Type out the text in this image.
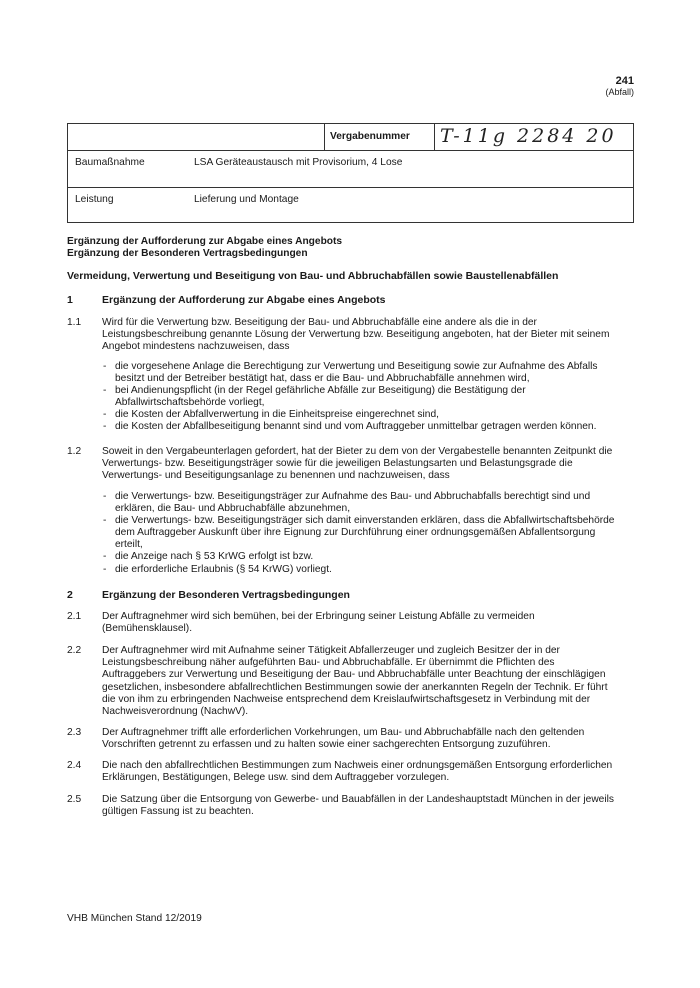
241
(Abfall)
Vergabenummer T-11g 2284 20
Baumaßnahme	LSA Geräteaustausch mit Provisorium, 4 Lose
Leistung	Lieferung und Montage
Ergänzung der Aufforderung zur Abgabe eines Angebots
Ergänzung der Besonderen Vertragsbedingungen
Vermeidung, Verwertung und Beseitigung von Bau- und Abbruchabfällen sowie Baustellenabfällen
1	Ergänzung der Aufforderung zur Abgabe eines Angebots
1.1 Wird für die Verwertung bzw. Beseitigung der Bau- und Abbruchabfälle eine andere als die in der
Leistungsbeschreibung genannte Lösung der Verwertung bzw. Beseitigung angeboten, hat der Bieter mit seinem
Angebot mindestens nachzuweisen, dass
- die vorgesehene Anlage die Berechtigung zur Verwertung und Beseitigung sowie zur Aufnahme des Abfalls
besitzt und der Betreiber bestätigt hat, dass er die Bau- und Abbruchabfälle annehmen wird,
- bei Andienungspflicht (in der Regel gefährliche Abfälle zur Beseitigung) die Bestätigung der
Abfallwirtschaftsbehörde vorliegt,
- die Kosten der Abfallverwertung in die Einheitspreise eingerechnet sind,
- die Kosten der Abfallbeseitigung benannt sind und vom Auftraggeber unmittelbar getragen werden können.
1.2 Soweit in den Vergabeunterlagen gefordert, hat der Bieter zu dem von der Vergabestelle benannten Zeitpunkt die
Verwertungs- bzw. Beseitigungsträger sowie für die jeweiligen Belastungsarten und Belastungsgrade die
Verwertungs- und Beseitigungsanlage zu benennen und nachzuweisen, dass
- die Verwertungs- bzw. Beseitigungsträger zur Aufnahme des Bau- und Abbruchabfalls berechtigt sind und
erklären, die Bau- und Abbruchabfälle abzunehmen,
- die Verwertungs- bzw. Beseitigungsträger sich damit einverstanden erklären, dass die Abfallwirtschaftsbehörde
dem Auftraggeber Auskunft über ihre Eignung zur Durchführung einer ordnungsgemäßen Abfallentsorgung
erteilt,
- die Anzeige nach § 53 KrWG erfolgt ist bzw.
- die erforderliche Erlaubnis (§ 54 KrWG) vorliegt.
2	Ergänzung der Besonderen Vertragsbedingungen
2.1 Der Auftragnehmer wird sich bemühen, bei der Erbringung seiner Leistung Abfälle zu vermeiden
(Bemühensklausel).
2.2 Der Auftragnehmer wird mit Aufnahme seiner Tätigkeit Abfallerzeuger und zugleich Besitzer der in der
Leistungsbeschreibung näher aufgeführten Bau- und Abbruchabfälle. Er übernimmt die Pflichten des
Auftraggebers zur Verwertung und Beseitigung der Bau- und Abbruchabfälle unter Beachtung der einschlägigen
gesetzlichen, insbesondere abfallrechtlichen Bestimmungen sowie der anerkannten Regeln der Technik. Er führt
die von ihm zu erbringenden Nachweise entsprechend dem Kreislaufwirtschaftsgesetz in Verbindung mit der
Nachweisverordnung (NachwV).
2.3 Der Auftragnehmer trifft alle erforderlichen Vorkehrungen, um Bau- und Abbruchabfälle nach den geltenden
Vorschriften getrennt zu erfassen und zu halten sowie einer sachgerechten Entsorgung zuzuführen.
2.4 Die nach den abfallrechtlichen Bestimmungen zum Nachweis einer ordnungsgemäßen Entsorgung erforderlichen
Erklärungen, Bestätigungen, Belege usw. sind dem Auftraggeber vorzulegen.
2.5 Die Satzung über die Entsorgung von Gewerbe- und Bauabfällen in der Landeshauptstadt München in der jeweils
gültigen Fassung ist zu beachten.
VHB München Stand 12/2019
